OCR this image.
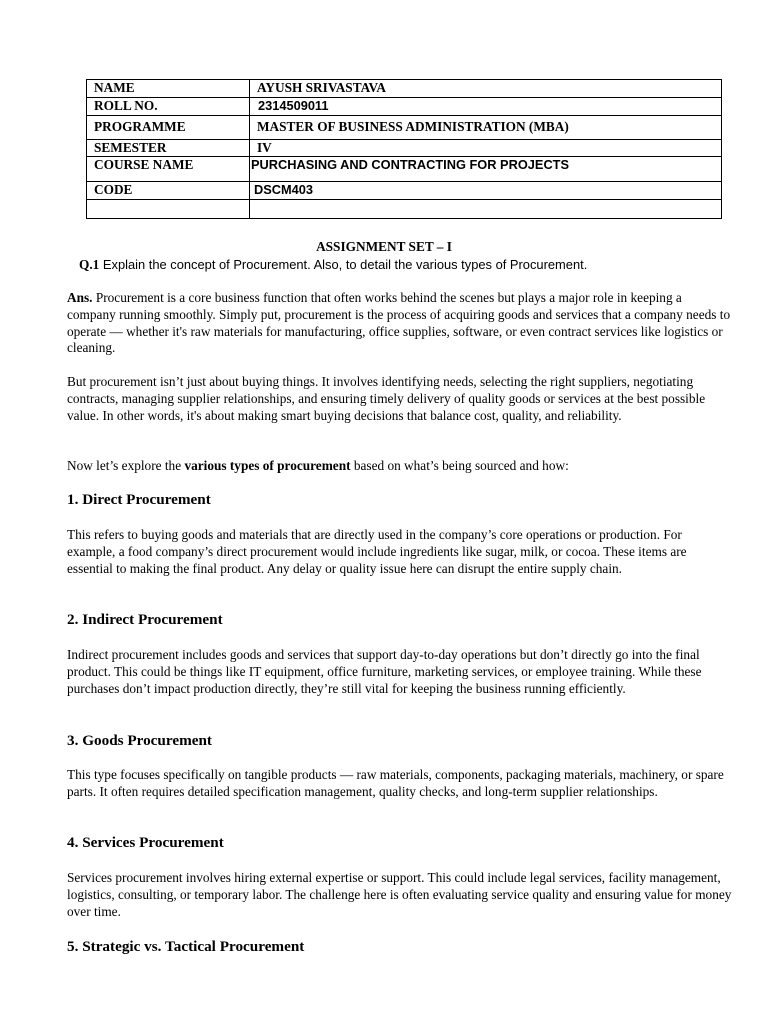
NAME	AYUSH SRIVASTAVA
ROLL NO.	2314509011
PROGRAMME	MASTER OF BUSINESS ADMINISTRATION (MBA)
SEMESTER	IV
COURSE NAME	PURCHASING AND CONTRACTING FOR PROJECTS
CODE	DSCM403

ASSIGNMENT SET – I
Q.1 Explain the concept of Procurement. Also, to detail the various types of Procurement.

Ans. Procurement is a core business function that often works behind the scenes but plays a major role in keeping a company running smoothly. Simply put, procurement is the process of acquiring goods and services that a company needs to operate — whether it's raw materials for manufacturing, office supplies, software, or even contract services like logistics or cleaning.

But procurement isn’t just about buying things. It involves identifying needs, selecting the right suppliers, negotiating contracts, managing supplier relationships, and ensuring timely delivery of quality goods or services at the best possible value. In other words, it's about making smart buying decisions that balance cost, quality, and reliability.

Now let’s explore the various types of procurement based on what’s being sourced and how:

1. Direct Procurement

This refers to buying goods and materials that are directly used in the company’s core operations or production. For example, a food company’s direct procurement would include ingredients like sugar, milk, or cocoa. These items are essential to making the final product. Any delay or quality issue here can disrupt the entire supply chain.

2. Indirect Procurement

Indirect procurement includes goods and services that support day-to-day operations but don’t directly go into the final product. This could be things like IT equipment, office furniture, marketing services, or employee training. While these purchases don’t impact production directly, they’re still vital for keeping the business running efficiently.

3. Goods Procurement

This type focuses specifically on tangible products — raw materials, components, packaging materials, machinery, or spare parts. It often requires detailed specification management, quality checks, and long-term supplier relationships.

4. Services Procurement

Services procurement involves hiring external expertise or support. This could include legal services, facility management, logistics, consulting, or temporary labor. The challenge here is often evaluating service quality and ensuring value for money over time.

5. Strategic vs. Tactical Procurement
